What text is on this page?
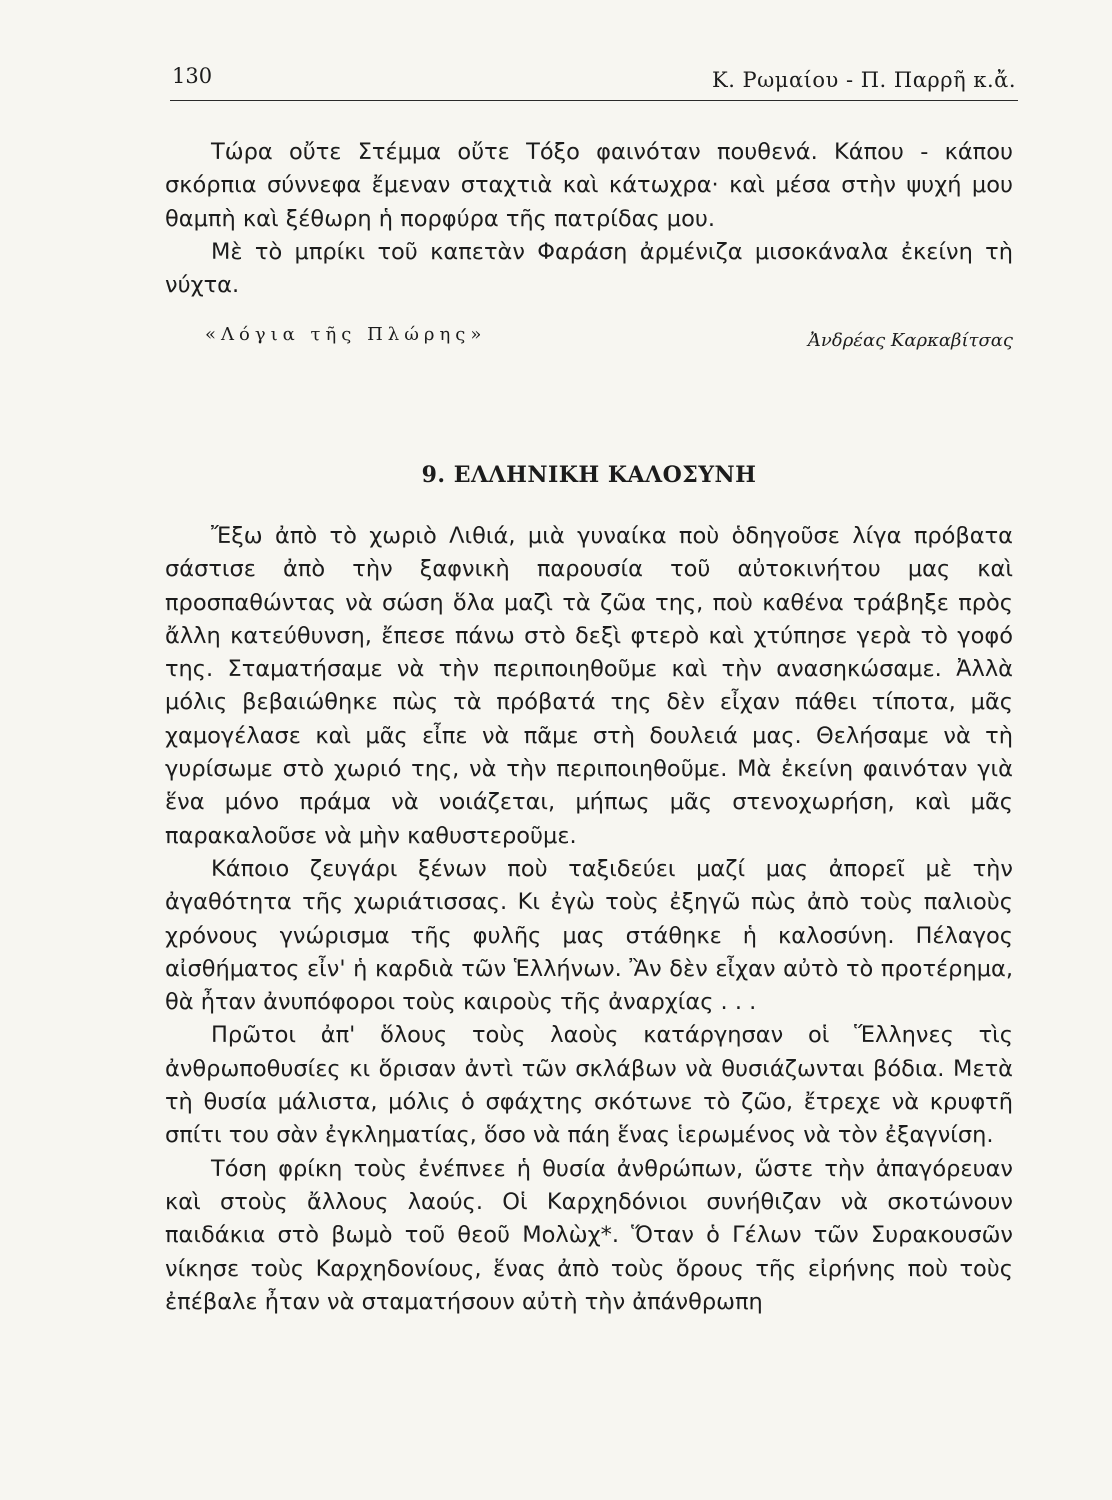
130	Κ. Ρωμαίου - Π. Παρρῆ κ.ἄ.

Τώρα οὔτε Στέμμα οὔτε Τόξο φαινόταν πουθενά. Κάπου - κάπου σκόρπια σύννεφα ἔμεναν σταχτιὰ καὶ κάτωχρα· καὶ μέσα στὴν ψυχή μου θαμπὴ καὶ ξέθωρη ἡ πορφύρα τῆς πατρίδας μου.

Μὲ τὸ μπρίκι τοῦ καπετὰν Φαράση ἀρμένιζα μισοκάναλα ἐκείνη τὴ νύχτα.

«Λόγια τῆς Πλώρης»	Ἀνδρέας Καρκαβίτσας
9. ΕΛΛΗΝΙΚΗ ΚΑΛΟΣΥΝΗ

Ἔξω ἀπὸ τὸ χωριὸ Λιθιά, μιὰ γυναίκα ποὺ ὁδηγοῦσε λίγα πρόβατα σάστισε ἀπὸ τὴν ξαφνικὴ παρουσία τοῦ αὐτοκινήτου μας καὶ προσπαθώντας νὰ σώση ὅλα μαζὶ τὰ ζῶα της, ποὺ καθένα τράβηξε πρὸς ἄλλη κατεύθυνση, ἔπεσε πάνω στὸ δεξὶ φτερὸ καὶ χτύπησε γερὰ τὸ γοφό της. Σταματήσαμε νὰ τὴν περιποιηθοῦμε καὶ τὴν ανασηκώσαμε. Ἀλλὰ μόλις βεβαιώθηκε πὼς τὰ πρόβατά της δὲν εἶχαν πάθει τίποτα, μᾶς χαμογέλασε καὶ μᾶς εἶπε νὰ πᾶμε στὴ δουλειά μας. Θελήσαμε νὰ τὴ γυρίσωμε στὸ χωριό της, νὰ τὴν περιποιηθοῦμε. Μὰ ἐκείνη φαινόταν γιὰ ἕνα μόνο πράμα νὰ νοιάζεται, μήπως μᾶς στενοχωρήση, καὶ μᾶς παρακαλοῦσε νὰ μὴν καθυστεροῦμε.

Κάποιο ζευγάρι ξένων ποὺ ταξιδεύει μαζί μας ἀπορεῖ μὲ τὴν ἀγαθότητα τῆς χωριάτισσας. Κι ἐγὼ τοὺς ἐξηγῶ πὼς ἀπὸ τοὺς παλιοὺς χρόνους γνώρισμα τῆς φυλῆς μας στάθηκε ἡ καλοσύνη. Πέλαγος αἰσθήματος εἶν' ἡ καρδιὰ τῶν Ἑλλήνων. Ἂν δὲν εἶχαν αὐτὸ τὸ προτέρημα, θὰ ἦταν ἀνυπόφοροι τοὺς καιροὺς τῆς ἀναρχίας . . .

Πρῶτοι ἀπ' ὅλους τοὺς λαοὺς κατάργησαν οἱ Ἕλληνες τὶς ἀνθρωποθυσίες κι ὅρισαν ἀντὶ τῶν σκλάβων νὰ θυσιάζωνται βόδια. Μετὰ τὴ θυσία μάλιστα, μόλις ὁ σφάχτης σκότωνε τὸ ζῶο, ἔτρεχε νὰ κρυφτῆ σπίτι του σὰν ἐγκληματίας, ὅσο νὰ πάη ἕνας ἱερωμένος νὰ τὸν ἐξαγνίση.

Τόση φρίκη τοὺς ἐνέπνεε ἡ θυσία ἀνθρώπων, ὥστε τὴν ἀπαγόρευαν καὶ στοὺς ἄλλους λαούς. Οἱ Καρχηδόνιοι συνήθιζαν νὰ σκοτώνουν παιδάκια στὸ βωμὸ τοῦ θεοῦ Μολὼχ*. Ὅταν ὁ Γέλων τῶν Συρακουσῶν νίκησε τοὺς Καρχηδονίους, ἕνας ἀπὸ τοὺς ὅρους τῆς εἰρήνης ποὺ τοὺς ἐπέβαλε ἦταν νὰ σταματήσουν αὐτὴ τὴν ἀπάνθρωπη
